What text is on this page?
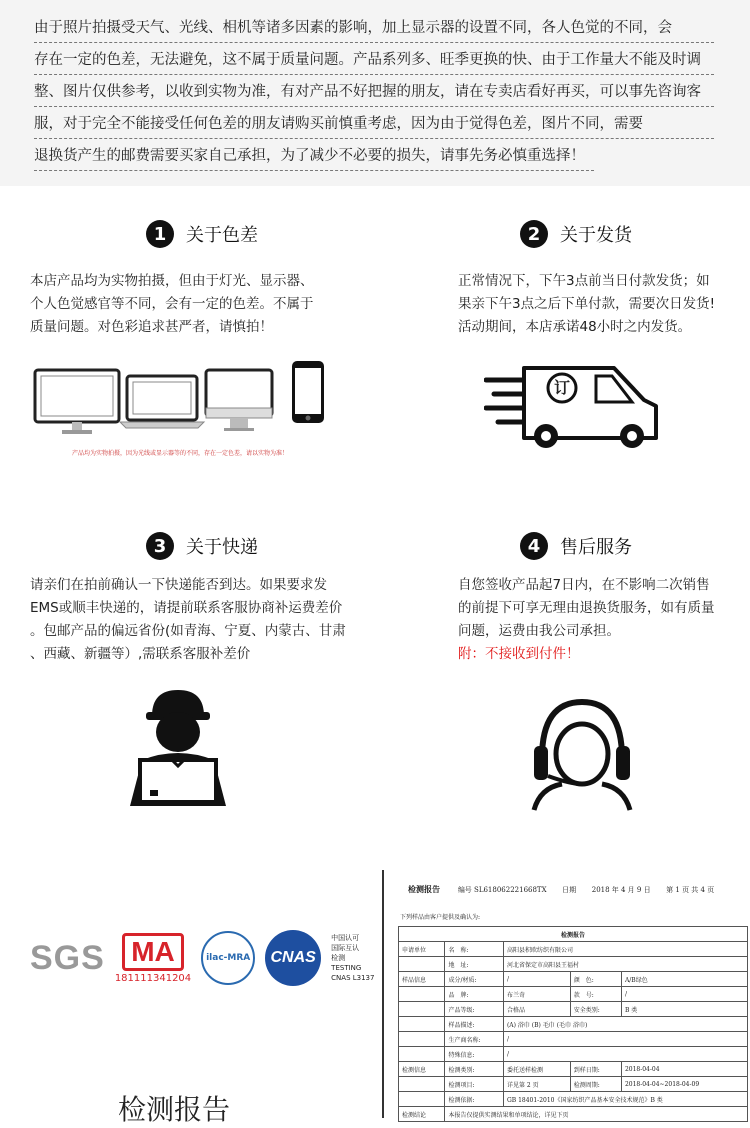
由于照片拍摄受天气、光线、相机等诸多因素的影响，加上显示器的设置不同，各人色觉的不同，会
存在一定的色差，无法避免，这不属于质量问题。产品系列多、旺季更换的快、由于工作量大不能及时调
整、图片仅供参考，以收到实物为准，有对产品不好把握的朋友，请在专卖店看好再买，可以事先咨询客
服，对于完全不能接受任何色差的朋友请购买前慎重考虑，因为由于觉得色差，图片不同，需要
退换货产生的邮费需要买家自己承担，为了减少不必要的损失，请事先务必慎重选择！
1	关于色差
本店产品均为实物拍摄，但由于灯光、显示器、
个人色觉感官等不同，会有一定的色差。不属于
质量问题。对色彩追求甚严者，请慎拍！
产品均为实物拍摄，因为光线或显示器等的不同，存在一定色差，请以实物为准！
2	关于发货
正常情况下，下午3点前当日付款发货；如
果亲下午3点之后下单付款，需要次日发货!
活动期间，本店承诺48小时之内发货。
订
3	关于快递
请亲们在拍前确认一下快递能否到达。如果要求发
EMS或顺丰快递的，请提前联系客服协商补运费差价
。包邮产品的偏远省份(如青海、宁夏、内蒙古、甘肃
、西藏、新疆等）,需联系客服补差价
4	售后服务
自您签收产品起7日内，在不影响二次销售
的前提下可享无理由退换货服务，如有质量
问题，运费由我公司承担。
附：不接收到付件！
SGS MA
181111341204
ilac-MRA	CNAS
中国认可
国际互认
检测
TESTING
CNAS L3137
检测报告
检测报告	编号 SL618062221668TX 日期 2018 年 4 月 9 日 第 1 页 共 4 页
下列样品由客户提供及确认为:
检测报告				
申请单位	名　称:	高阳县积欧纺织有限公司		
	地　址:	河北省保定市高阳县王福村		
样品信息	成分/材质:	/	颜　色:	A/B绿色
	品　牌:	布兰奇	款　号:	/
	产品等级:	合格品	安全类别:	B 类
	样品描述:	(A) 浴巾 (B) 毛巾 (毛巾 浴巾)		
	生产商名称:	/		
	特殊信息:	/		
检测信息	检测类别:	委托送样检测	到样日期:	2018-04-04
	检测项目:	详见第 2 页	检测周期:	2018-04-04~2018-04-09
	检测依据:	GB 18401-2010《国家纺织产品基本安全技术规范》B 类		
检测结论	本报告仅提供实测结果和单项结论，详见下页			
